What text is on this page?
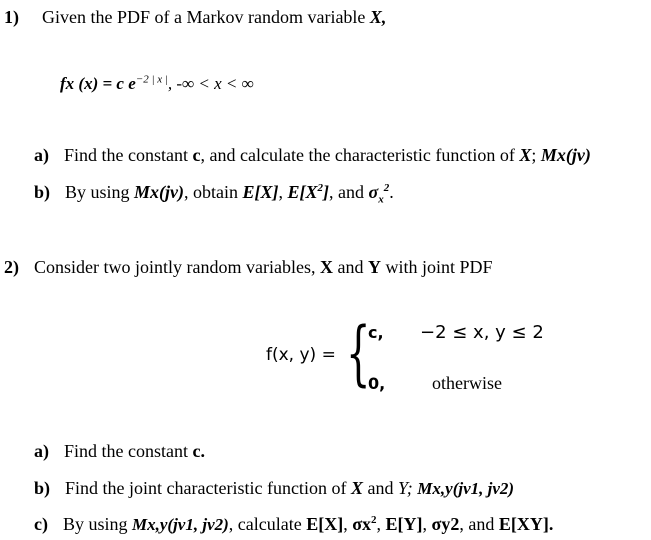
1) Given the PDF of a Markov random variable X,
fx (x) = c $e^{-2 | x |}$, -∞ < x < ∞
a) Find the constant c, and calculate the characteristic function of X; Mx(jv)
b) By using Mx(jv), obtain E[X], $E[X^2]$, and $\sigma_x^2$.
2) Consider two jointly random variables, X and Y with joint PDF
f(x, y) = {
c, −2 ≤ x, y ≤ 2
0,	otherwise
a) Find the constant c.
b) Find the joint characteristic function of X and Y; Mx,y(jv1, jv2)
c) By using Mx,y(jv1, jv2), calculate E[X], $\sigma x^2$, E[Y], σy2, and E[XY].
